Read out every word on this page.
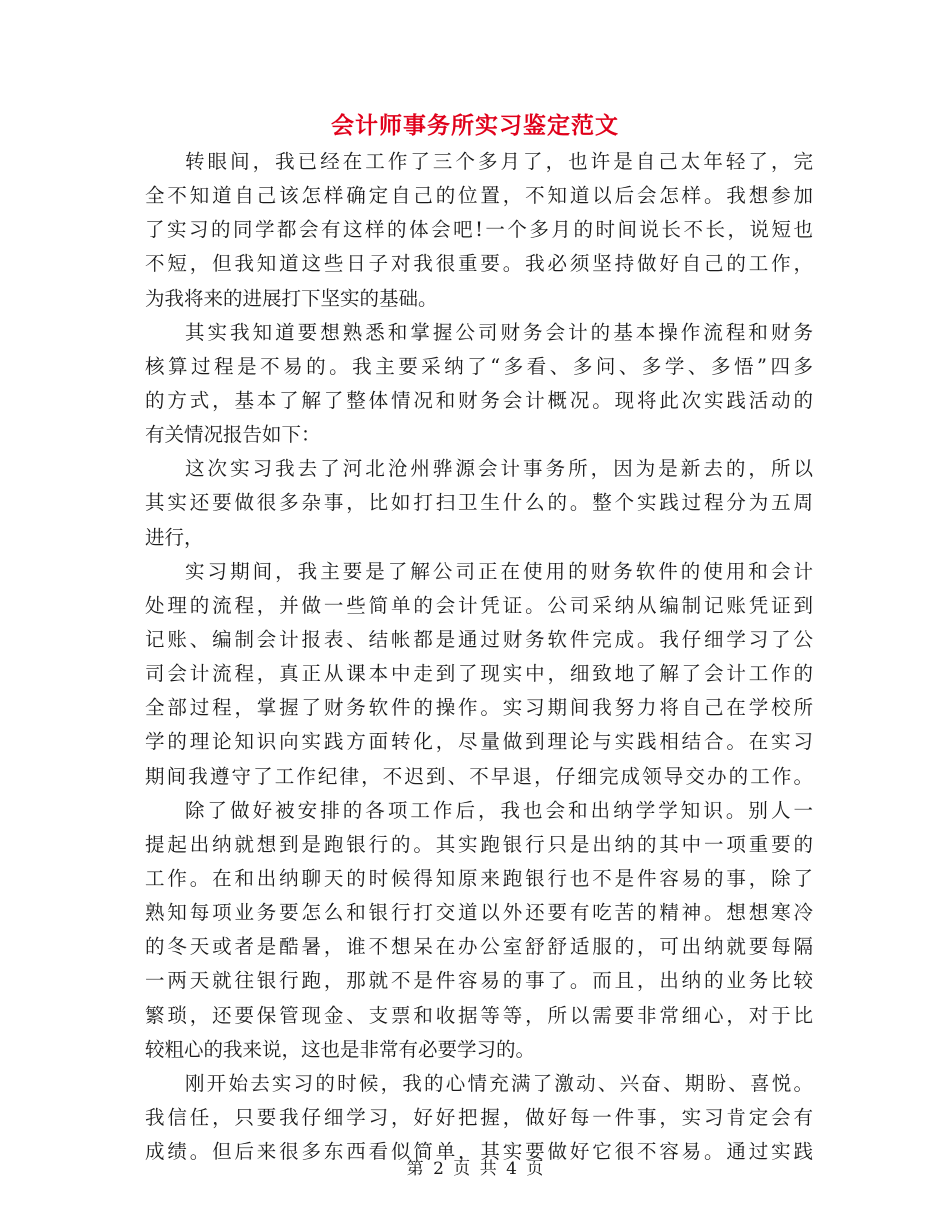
会计师事务所实习鉴定范文
转眼间，我已经在工作了三个多月了，也许是自己太年轻了，完
全不知道自己该怎样确定自己的位置，不知道以后会怎样。我想参加
了实习的同学都会有这样的体会吧!一个多月的时间说长不长，说短也
不短，但我知道这些日子对我很重要。我必须坚持做好自己的工作，
为我将来的进展打下坚实的基础。
其实我知道要想熟悉和掌握公司财务会计的基本操作流程和财务
核算过程是不易的。我主要采纳了“多看、多问、多学、多悟”四多
的方式，基本了解了整体情况和财务会计概况。现将此次实践活动的
有关情况报告如下：
这次实习我去了河北沧州骅源会计事务所，因为是新去的，所以
其实还要做很多杂事，比如打扫卫生什么的。整个实践过程分为五周
进行，
实习期间，我主要是了解公司正在使用的财务软件的使用和会计
处理的流程，并做一些简单的会计凭证。公司采纳从编制记账凭证到
记账、编制会计报表、结帐都是通过财务软件完成。我仔细学习了公
司会计流程，真正从课本中走到了现实中，细致地了解了会计工作的
全部过程，掌握了财务软件的操作。实习期间我努力将自己在学校所
学的理论知识向实践方面转化，尽量做到理论与实践相结合。在实习
期间我遵守了工作纪律，不迟到、不早退，仔细完成领导交办的工作。
除了做好被安排的各项工作后，我也会和出纳学学知识。别人一
提起出纳就想到是跑银行的。其实跑银行只是出纳的其中一项重要的
工作。在和出纳聊天的时候得知原来跑银行也不是件容易的事，除了
熟知每项业务要怎么和银行打交道以外还要有吃苦的精神。想想寒冷
的冬天或者是酷暑，谁不想呆在办公室舒舒适服的，可出纳就要每隔
一两天就往银行跑，那就不是件容易的事了。而且，出纳的业务比较
繁琐，还要保管现金、支票和收据等等，所以需要非常细心，对于比
较粗心的我来说，这也是非常有必要学习的。
刚开始去实习的时候，我的心情充满了激动、兴奋、期盼、喜悦。
我信任，只要我仔细学习，好好把握，做好每一件事，实习肯定会有
成绩。但后来很多东西看似简单，其实要做好它很不容易。通过实践
第 2 页 共 4 页
